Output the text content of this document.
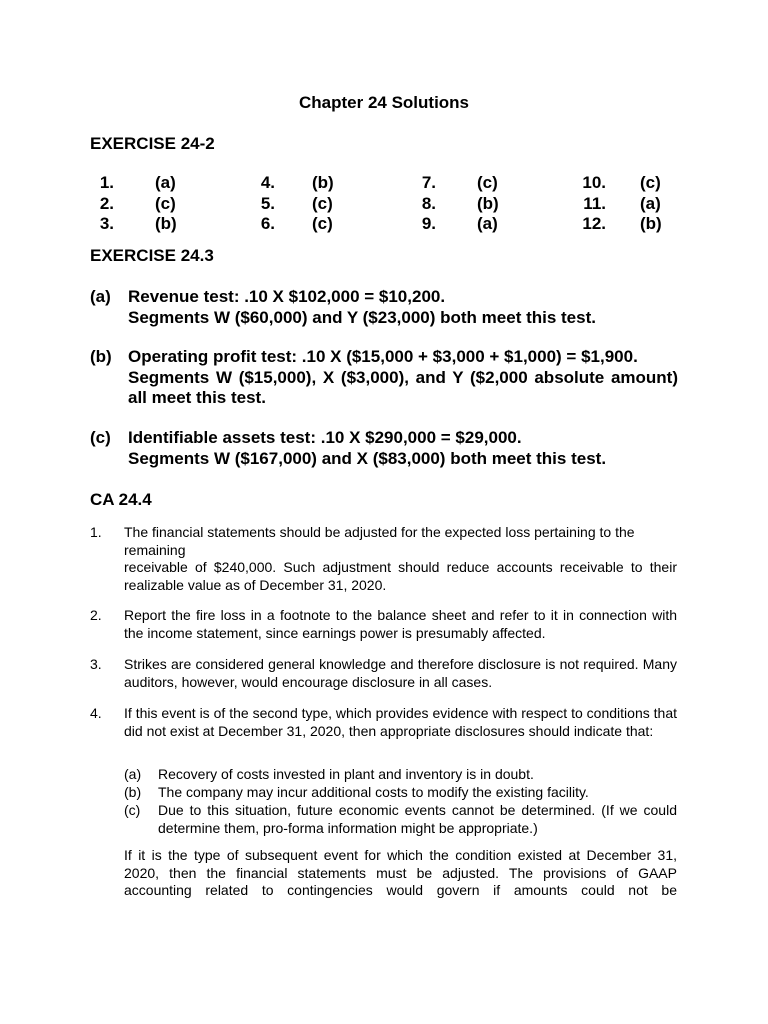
Chapter 24 Solutions
EXERCISE 24-2
1. (a)	4. (b)	7. (c)	10. (c)
2. (c)	5. (c)	8. (b)	11. (a)
3. (b)	6. (c)	9. (a)	12. (b)
EXERCISE 24.3
(a) Revenue test: .10 X $102,000 = $10,200.
Segments W ($60,000) and Y ($23,000) both meet this test.
(b) Operating profit test: .10 X ($15,000 + $3,000 + $1,000) = $1,900.
Segments W ($15,000), X ($3,000), and Y ($2,000 absolute amount) all meet this test.
(c) Identifiable assets test: .10 X $290,000 = $29,000.
Segments W ($167,000) and X ($83,000) both meet this test.
CA 24.4
1. The financial statements should be adjusted for the expected loss pertaining to the remaining
receivable of $240,000. Such adjustment should reduce accounts receivable to their realizable value as of December 31, 2020.
2. Report the fire loss in a footnote to the balance sheet and refer to it in connection with the income statement, since earnings power is presumably affected.
3. Strikes are considered general knowledge and therefore disclosure is not required. Many auditors, however, would encourage disclosure in all cases.
4. If this event is of the second type, which provides evidence with respect to conditions that did not exist at December 31, 2020, then appropriate disclosures should indicate that:
(a) Recovery of costs invested in plant and inventory is in doubt.
(b) The company may incur additional costs to modify the existing facility.
(c) Due to this situation, future economic events cannot be determined. (If we could determine them, pro-forma information might be appropriate.)
If it is the type of subsequent event for which the condition existed at December 31, 2020, then the financial statements must be adjusted. The provisions of GAAP accounting related to contingencies would govern if amounts could not be
